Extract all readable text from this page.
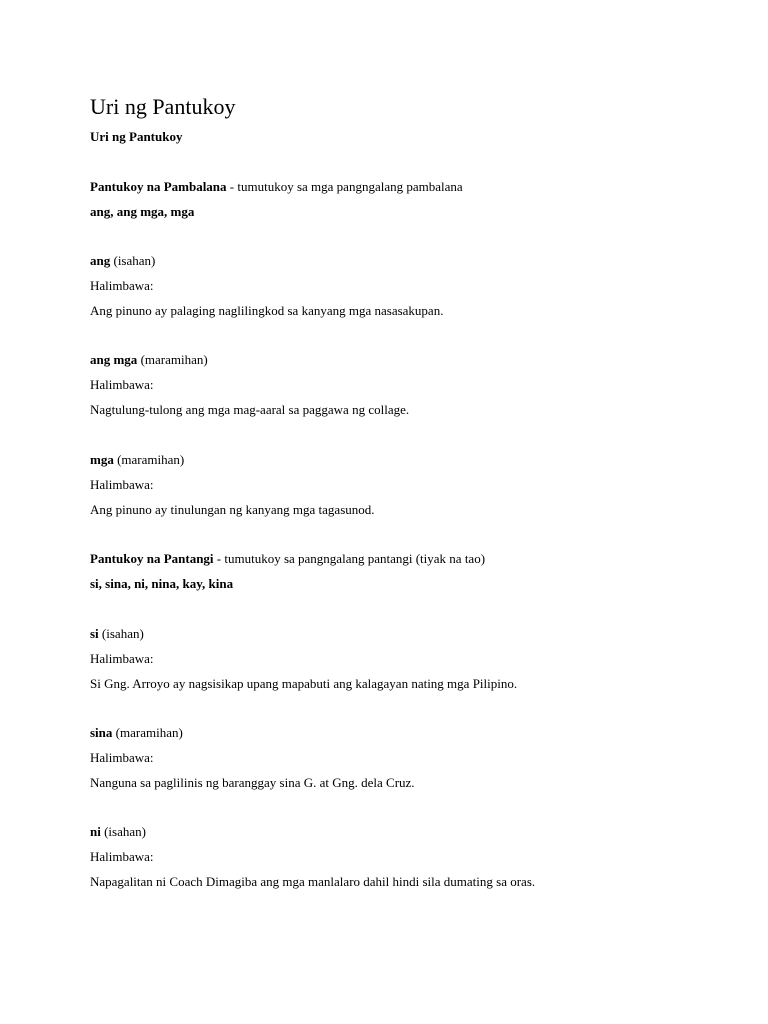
Uri ng Pantukoy
Uri ng Pantukoy
Pantukoy na Pambalana - tumutukoy sa mga pangngalang pambalana
ang, ang mga, mga
ang (isahan)
Halimbawa:
Ang pinuno ay palaging naglilingkod sa kanyang mga nasasakupan.
ang mga (maramihan)
Halimbawa:
Nagtulung-tulong ang mga mag-aaral sa paggawa ng collage.
mga (maramihan)
Halimbawa:
Ang pinuno ay tinulungan ng kanyang mga tagasunod.
Pantukoy na Pantangi - tumutukoy sa pangngalang pantangi (tiyak na tao)
si, sina, ni, nina, kay, kina
si (isahan)
Halimbawa:
Si Gng. Arroyo ay nagsisikap upang mapabuti ang kalagayan nating mga Pilipino.
sina (maramihan)
Halimbawa:
Nanguna sa paglilinis ng baranggay sina G. at Gng. dela Cruz.
ni (isahan)
Halimbawa:
Napagalitan ni Coach Dimagiba ang mga manlalaro dahil hindi sila dumating sa oras.
